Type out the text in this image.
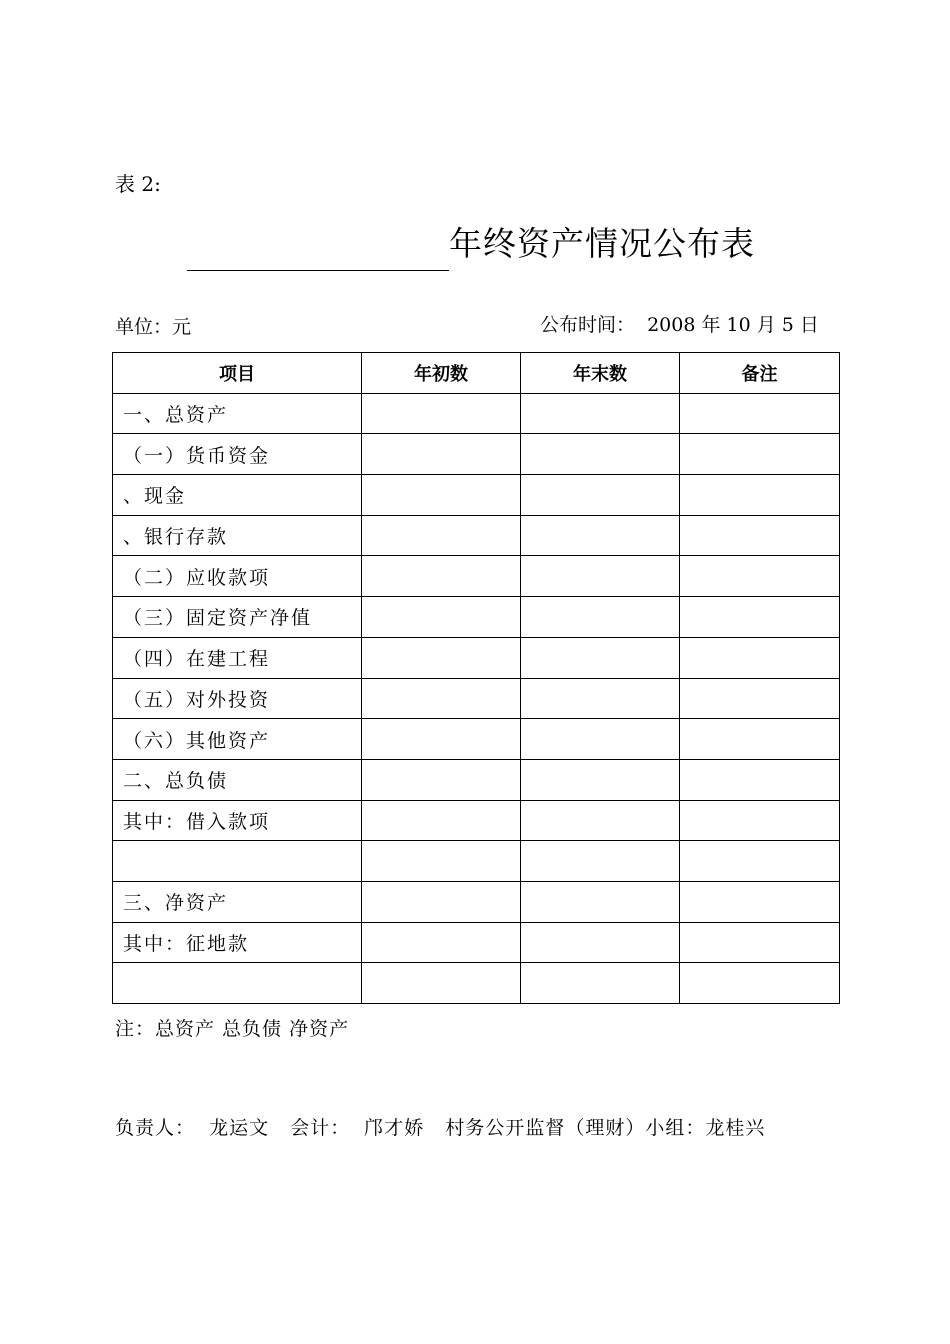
表 2:
年终资产情况公布表
单位：元	公布时间：  2008 年 10 月 5 日
项目	年初数	年末数	备注
一、总资产			
（一）货币资金			
、现金			
、银行存款			
（二）应收款项			
（三）固定资产净值			
（四）在建工程			
（五）对外投资			
（六）其他资产			
二、总负债			
其中：借入款项			

三、净资产			
其中：征地款			

注：总资产 总负债 净资产
负责人：  龙运文   会计：  邝才娇   村务公开监督（理财）小组：龙桂兴
